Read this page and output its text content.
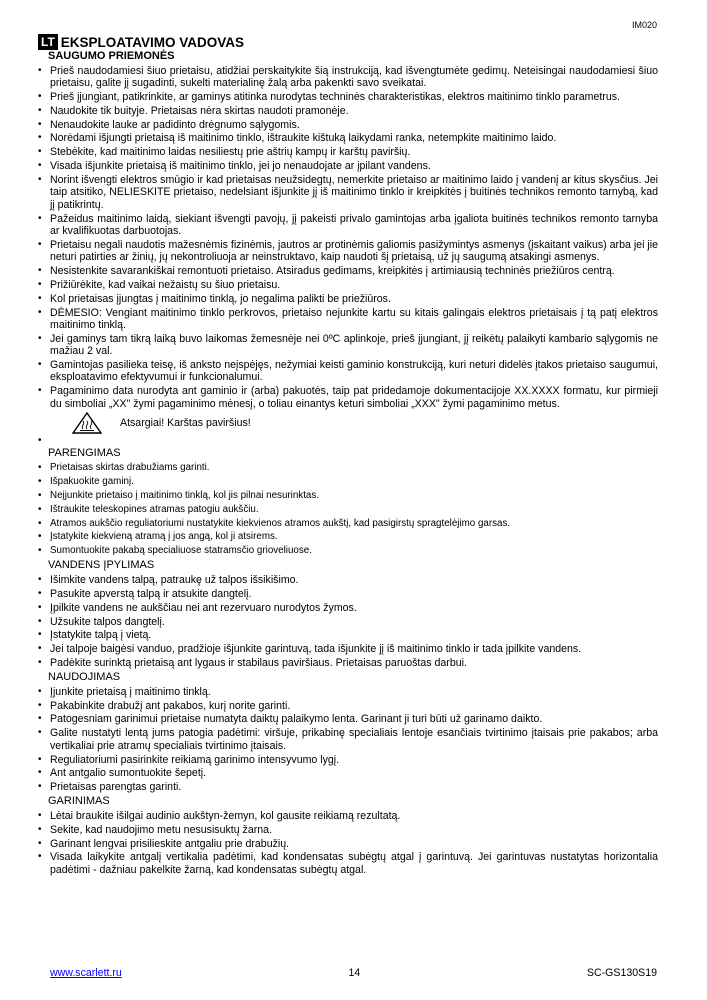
IM020
LT EKSPLOATAVIMO VADOVAS
SAUGUMO PRIEMONĖS
• Prieš naudodamiesi šiuo prietaisu, atidžiai perskaitykite šią instrukciją, kad išvengtumėte gedimų. Neteisingai naudodamiesi šiuo prietaisu, galite jį sugadinti, sukelti materialinę žalą arba pakenkti savo sveikatai.
• Prieš įjungiant, patikrinkite, ar gaminys atitinka nurodytas techninės charakteristikas, elektros maitinimo tinklo parametrus.
• Naudokite tik buityje. Prietaisas nėra skirtas naudoti pramonėje.
• Nenaudokite lauke ar padidinto drėgnumo sąlygomis.
• Norėdami išjungti prietaisą iš maitinimo tinklo, ištraukite kištuką laikydami ranka, netempkite maitinimo laido.
• Stebėkite, kad maitinimo laidas nesiliestų prie aštrių kampų ir karštų paviršių.
• Visada išjunkite prietaisą iš maitinimo tinklo, jei jo nenaudojate ar įpilant vandens.
• Norint išvengti elektros smūgio ir kad prietaisas neužsidegtų, nemerkite prietaiso ar maitinimo laido į vandenį ar kitus skysčius. Jei taip atsitiko, NELIESKITE prietaiso, nedelsiant išjunkite jį iš maitinimo tinklo ir kreipkitės į buitinės technikos remonto tarnybą, kad jį patikrintų.
• Pažeidus maitinimo laidą, siekiant išvengti pavojų, jį pakeisti privalo gamintojas arba įgaliota buitinės technikos remonto tarnyba ar kvalifikuotas darbuotojas.
• Prietaisu negali naudotis mažesnėmis fizinėmis, jautros ar protinėmis galiomis pasižymintys asmenys (įskaitant vaikus) arba jei jie neturi patirties ar žinių, jų nekontroliuoja ar neinstruktavo, kaip naudoti šį prietaisą, už jų saugumą atsakingi asmenys.
• Nesistenkite savarankiškai remontuoti prietaiso. Atsiradus gedimams, kreipkitės į artimiausią techninės priežiūros centrą.
• Prižiūrėkite, kad vaikai nežaistų su šiuo prietaisu.
• Kol prietaisas įjungtas į maitinimo tinklą, jo negalima palikti be priežiūros.
• DĖMESIO: Vengiant maitinimo tinklo perkrovos, prietaiso nejunkite kartu su kitais galingais elektros prietaisais į tą patį elektros maitinimo tinklą.
• Jei gaminys tam tikrą laiką buvo laikomas žemesnėje nei 0ºC aplinkoje, prieš įjungiant, jį reikėtų palaikyti kambario sąlygomis ne mažiau 2 val.
• Gamintojas pasilieka teisę, iš anksto neįspėjęs, nežymiai keisti gaminio konstrukciją, kuri neturi didelės įtakos prietaiso saugumui, eksploatavimo efektyvumui ir funkcionalumui.
• Pagaminimo data nurodyta ant gaminio ir (arba) pakuotės, taip pat pridedamoje dokumentacijoje XX.XXXX formatu, kur pirmieji du simboliai „XX" žymi pagaminimo mėnesį, o toliau einantys keturi simboliai „XXX" žymi pagaminimo metus.
Atsargiai! Karštas paviršius!
•
PARENGIMAS
• Prietaisas skirtas drabužiams garinti.
• Išpakuokite gaminį.
• Neįjunkite prietaiso į maitinimo tinklą, kol jis pilnai nesurinktas.
• Ištraukite teleskopines atramas patogiu aukščiu.
• Atramos aukščio reguliatoriumi nustatykite kiekvienos atramos aukštį, kad pasigirstų spragtelėjimo garsas.
• Įstatykite kiekvieną atramą į jos angą, kol ji atsirems.
• Sumontuokite pakabą specialiuose statramsčio grioveliuose.
VANDENS ĮPYLIMAS
• Išimkite vandens talpą, patraukę už talpos išsikišimo.
• Pasukite apverstą talpą ir atsukite dangtelį.
• Įpilkite vandens ne aukščiau nei ant rezervuaro nurodytos žymos.
• Užsukite talpos dangtelį.
• Įstatykite talpą į vietą.
• Jei talpoje baigėsi vanduo, pradžioje išjunkite garintuvą, tada išjunkite jį iš maitinimo tinklo ir tada įpilkite vandens.
• Padėkite surinktą prietaisą ant lygaus ir stabilaus paviršiaus. Prietaisas paruoštas darbui.
NAUDOJIMAS
• Įjunkite prietaisą į maitinimo tinklą.
• Pakabinkite drabužį ant pakabos, kurį norite garinti.
• Patogesniam garinimui prietaise numatyta daiktų palaikymo lenta. Garinant ji turi būti už garinamo daikto.
• Galite nustatyti lentą jums patogia padėtimi: viršuje, prikabinę specialiais lentoje esančiais tvirtinimo įtaisais prie pakabos; arba vertikaliai prie atramų specialiais tvirtinimo įtaisais.
• Reguliatoriumi pasirinkite reikiamą garinimo intensyvumo lygį.
• Ant antgalio sumontuokite šepetį.
• Prietaisas parengtas garinti.
GARINIMAS
• Lėtai braukite išilgai audinio aukštyn-žemyn, kol gausite reikiamą rezultatą.
• Sekite, kad naudojimo metu nesusisuktų žarna.
• Garinant lengvai prisilieskite antgaliu prie drabužių.
• Visada laikykite antgalį vertikalia padėtimi, kad kondensatas subėgtų atgal į garintuvą. Jei garintuvas nustatytas horizontalia padėtimi - dažniau pakelkite žarną, kad kondensatas subėgtų atgal.
www.scarlett.ru	14	SC-GS130S19
